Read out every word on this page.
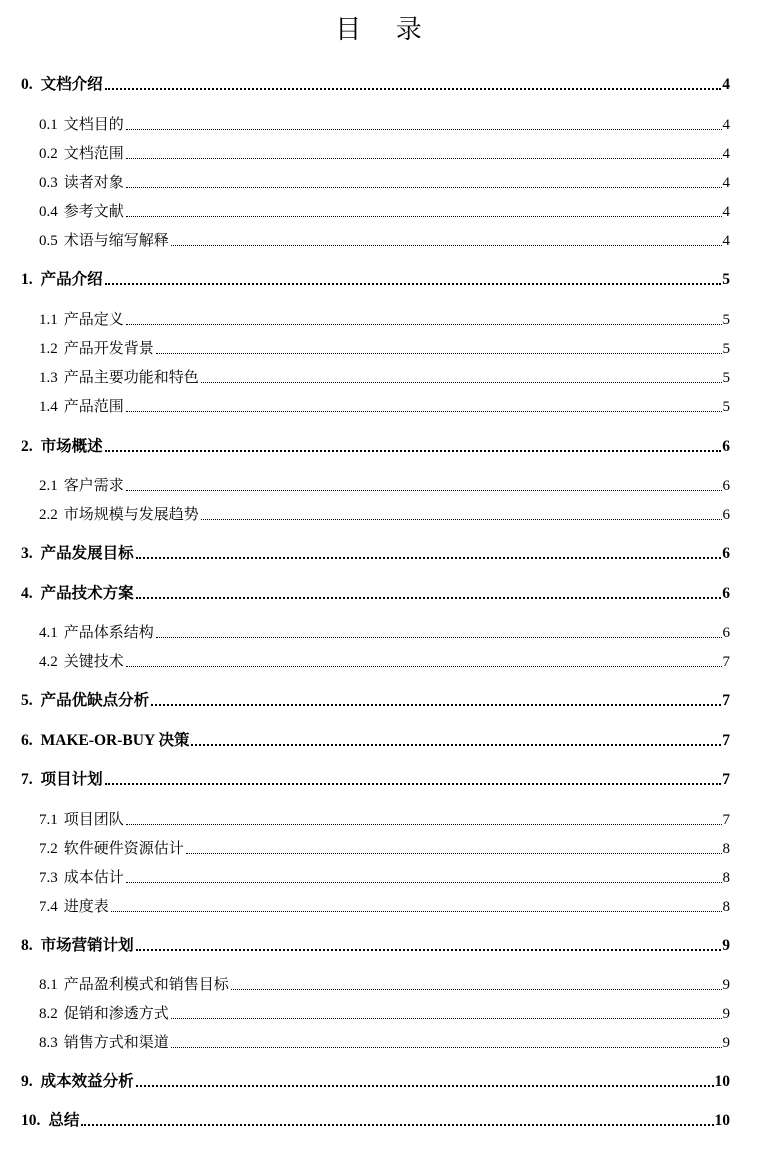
目 录
0. 文档介绍	4
0.1 文档目的	4
0.2 文档范围	4
0.3 读者对象	4
0.4 参考文献	4
0.5 术语与缩写解释	4
1. 产品介绍	5
1.1 产品定义	5
1.2 产品开发背景	5
1.3 产品主要功能和特色	5
1.4 产品范围	5
2. 市场概述	6
2.1 客户需求	6
2.2 市场规模与发展趋势	6
3. 产品发展目标	6
4. 产品技术方案	6
4.1 产品体系结构	6
4.2 关键技术	7
5. 产品优缺点分析	7
6. MAKE-OR-BUY 决策	7
7. 项目计划	7
7.1 项目团队	7
7.2 软件硬件资源估计	8
7.3 成本估计	8
7.4 进度表	8
8. 市场营销计划	9
8.1 产品盈利模式和销售目标	9
8.2 促销和渗透方式	9
8.3 销售方式和渠道	9
9. 成本效益分析	10
10. 总结	10
